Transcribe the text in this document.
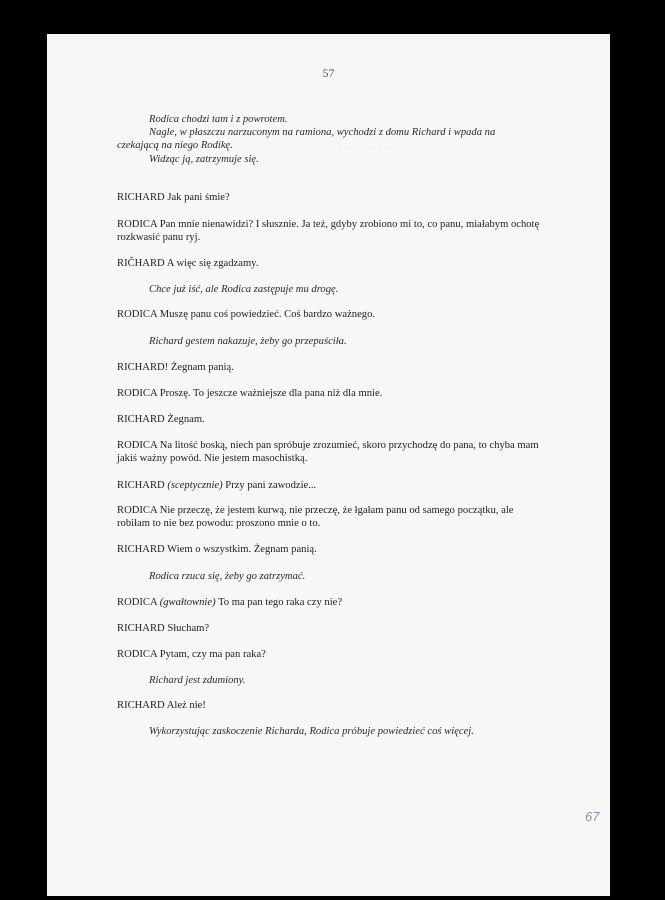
57
. . . . . . . . . . . . .
Rodica chodzi tam i z powrotem.
Nagle, w płaszczu narzuconym na ramiona, wychodzi z domu Richard i wpada na
czekającą na niego Rodikę.
Widząc ją, zatrzymuje się.
RICHARD Jak pani śmie?
RODICA Pan mnie nienawidzi? I słusznie. Ja też, gdyby zrobiono mi to, co panu, miałabym ochotę rozkwasić panu ryj.
RIČHARD A więc się zgadzamy.
Chce już iść, ale Rodica zastępuje mu drogę.
RODICA Muszę panu coś powiedzieć. Coś bardzo ważnego.
Richard gestem nakazuje, żeby go przepuściła.
RICHARD! Żegnam panią.
RODICA Proszę. To jeszcze ważniejsze dla pana niż dla mnie.
RICHARD Żegnam.
RODICA Na litość boską, niech pan spróbuje zrozumieć, skoro przychodzę do pana, to chyba mam jakiś ważny powód. Nie jestem masochistką.
RICHARD (sceptycznie) Przy pani zawodzie...
RODICA Nie przeczę, że jestem kurwą, nie przeczę, że łgałam panu od samego początku, ale robiłam to nie bez powodu: proszono mnie o to.
RICHARD Wiem o wszystkim. Żegnam panią.
Rodica rzuca się, żeby go zatrzymać.
RODICA (gwałtownie) To ma pan tego raka czy nie?
RICHARD Słucham?
RODICA Pytam, czy ma pan raka?
Richard jest zdumiony.
RICHARD Ależ nie!
Wykorzystując zaskoczenie Richarda, Rodica próbuje powiedzieć coś więcej.
67
